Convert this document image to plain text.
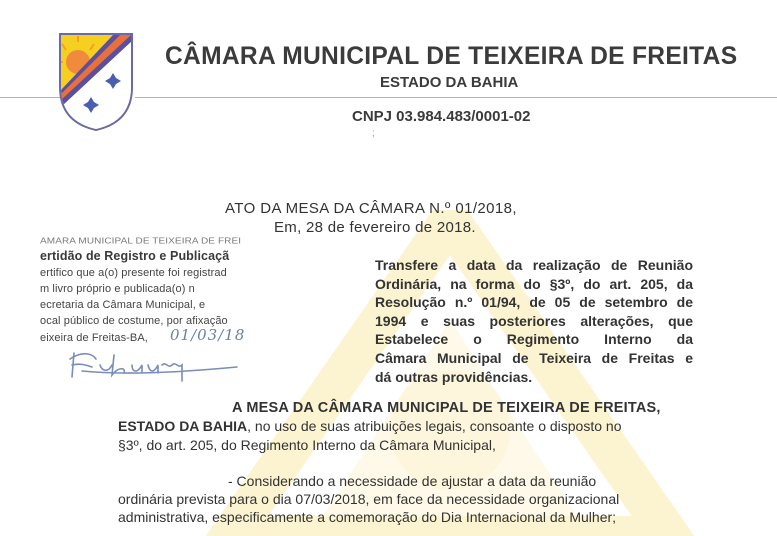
CÂMARA MUNICIPAL DE TEIXEIRA DE FREITAS
ESTADO DA BAHIA
CNPJ 03.984.483/0001-02
;
ATO DA MESA DA CÂMARA N.º 01/2018,
Em, 28 de fevereiro de 2018.
AMARA MUNICIPAL DE TEIXEIRA DE FREI
ertidão de Registro e Publicaçã
ertifico que a(o) presente foi registrad
m livro próprio e publicada(o) n
ecretaria da Câmara Municipal, e
ocal público de costume, por afixação
eixeira de Freitas-BA, 01/03/18
Transfere a data da realização de Reunião
Ordinária, na forma do §3º, do art. 205, da
Resolução n.º 01/94, de 05 de setembro de
1994 e suas posteriores alterações, que
Estabelece o Regimento Interno da
Câmara Municipal de Teixeira de Freitas e
dá outras providências.
A MESA DA CÂMARA MUNICIPAL DE TEIXEIRA DE FREITAS,
ESTADO DA BAHIA, no uso de suas atribuições legais, consoante o disposto no
§3º, do art. 205, do Regimento Interno da Câmara Municipal,
- Considerando a necessidade de ajustar a data da reunião
ordinária prevista para o dia 07/03/2018, em face da necessidade organizacional
administrativa, especificamente a comemoração do Dia Internacional da Mulher;
